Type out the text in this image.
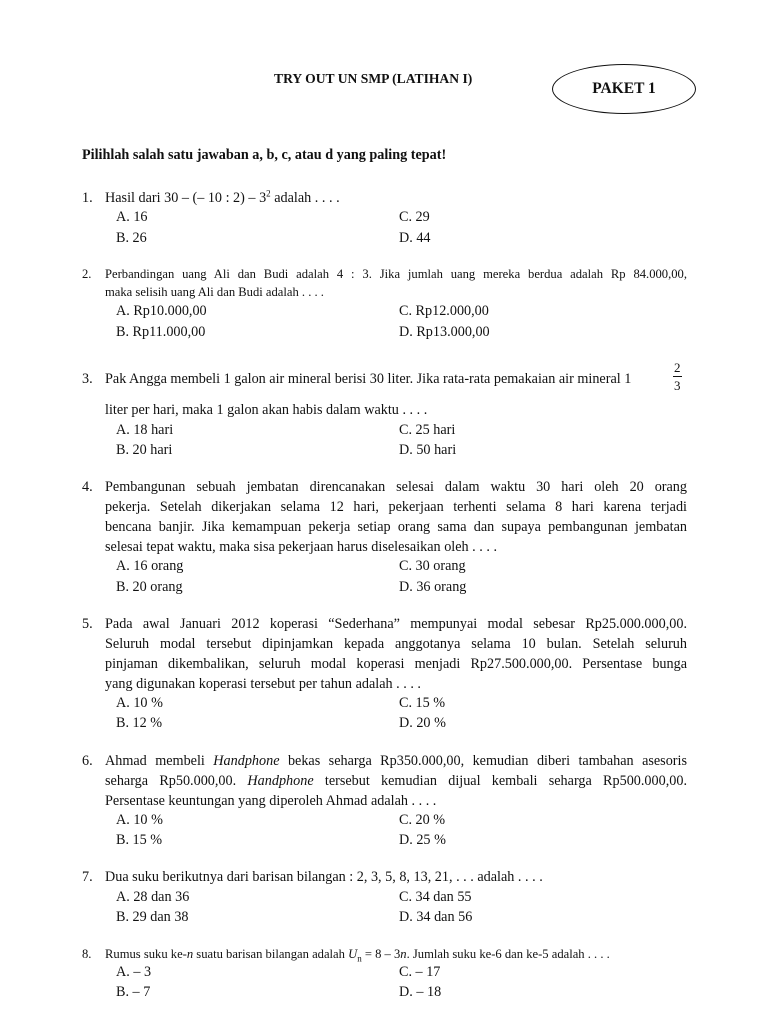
TRY OUT UN SMP (LATIHAN I)
PAKET 1
Pilihlah salah satu jawaban a, b, c, atau d yang paling tepat!
1. Hasil dari 30 – (– 10 : $2) - 3^2$ adalah . . . .
A. 16	C. 29
B. 26	D. 44
2. Perbandingan uang Ali dan Budi adalah 4 : 3. Jika jumlah uang mereka berdua adalah Rp 84.000,00,
maka selisih uang Ali dan Budi adalah . . . .
A. Rp10.000,00	C. Rp12.000,00
B. Rp11.000,00	D. Rp13.000,00
3. Pak Angga membeli 1 galon air mineral berisi 30 liter. Jika rata-rata pemakaian air mineral 1	$\frac{2}{3}$
liter per hari, maka 1 galon akan habis dalam waktu . . . .
A. 18 hari	C. 25 hari
B. 20 hari	D. 50 hari
4. Pembangunan sebuah jembatan direncanakan selesai dalam waktu 30 hari oleh 20 orang
pekerja. Setelah dikerjakan selama 12 hari, pekerjaan terhenti selama 8 hari karena terjadi
bencana banjir. Jika kemampuan pekerja setiap orang sama dan supaya pembangunan jembatan
selesai tepat waktu, maka sisa pekerjaan harus diselesaikan oleh . . . .
A. 16 orang	C. 30 orang
B. 20 orang	D. 36 orang
5. Pada awal Januari 2012 koperasi “Sederhana” mempunyai modal sebesar Rp25.000.000,00.
Seluruh modal tersebut dipinjamkan kepada anggotanya selama 10 bulan. Setelah seluruh
pinjaman dikembalikan, seluruh modal koperasi menjadi Rp27.500.000,00. Persentase bunga
yang digunakan koperasi tersebut per tahun adalah . . . .
A. 10 %	C. 15 %
B. 12 %	D. 20 %
6. Ahmad membeli Handphone bekas seharga Rp350.000,00, kemudian diberi tambahan asesoris
seharga Rp50.000,00. Handphone tersebut kemudian dijual kembali seharga Rp500.000,00.
Persentase keuntungan yang diperoleh Ahmad adalah . . . .
A. 10 %	C. 20 %
B. 15 %	D. 25 %
7. Dua suku berikutnya dari barisan bilangan : 2, 3, 5, 8, 13, 21, . . . adalah . . . .
A. 28 dan 36	C. 34 dan 55
B. 29 dan 38	D. 34 dan 56
8. Rumus suku ke-n suatu barisan bilangan adalah $U_n = 8 - 3n$. Jumlah suku ke-6 dan ke-5 adalah . . . .
A. – 3	C. – 17
B. – 7	D. – 18
